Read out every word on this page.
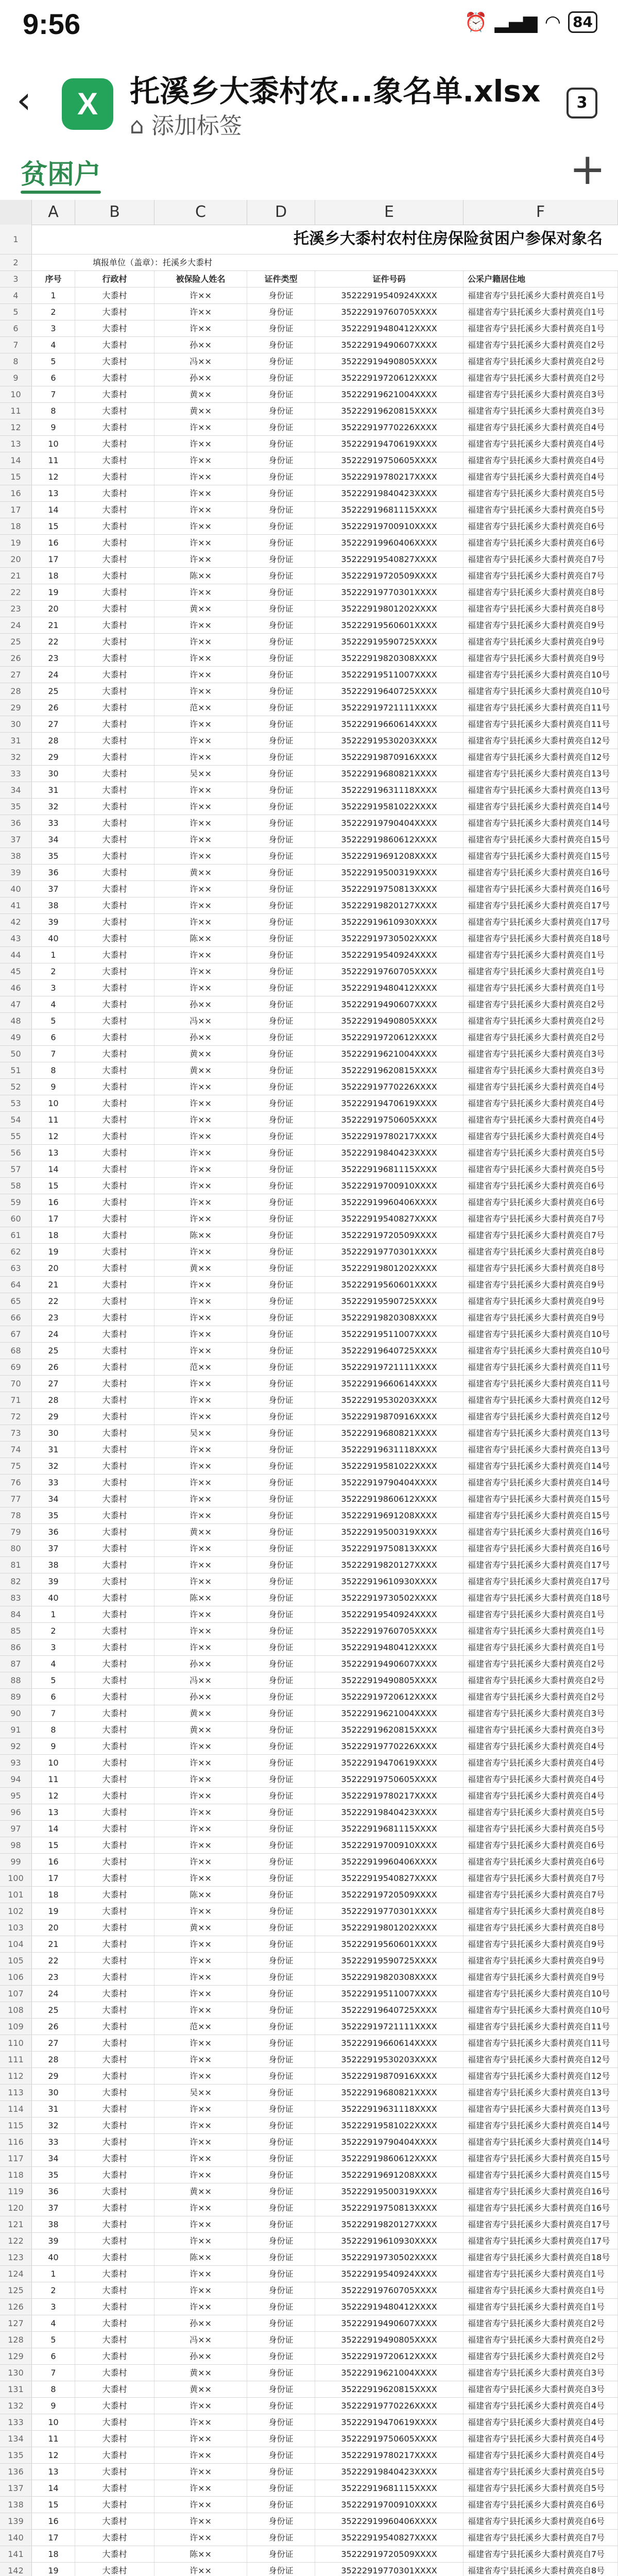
9:56	⏰ ▂▄▆ ◠ 84
‹	X	托溪乡大黍村农...象名单.xlsx
⌂ 添加标签
3
贫困户	+
A	B	C	D	E	F
1	托溪乡大黍村农村住房保险贫困户参保对象名
2	填报单位（盖章）：托溪乡大黍村
3	序号	行政村	被保险人姓名	证件类型	证件号码	公采户籍居住地
4	1	大黍村	许××	身份证	35222919540924XXXX	福建省寿宁县托溪乡大黍村黄亮自1号
5	2	大黍村	许××	身份证	35222919760705XXXX	福建省寿宁县托溪乡大黍村黄亮自1号
6	3	大黍村	许××	身份证	35222919480412XXXX	福建省寿宁县托溪乡大黍村黄亮自1号
7	4	大黍村	孙××	身份证	35222919490607XXXX	福建省寿宁县托溪乡大黍村黄亮自2号
8	5	大黍村	冯××	身份证	35222919490805XXXX	福建省寿宁县托溪乡大黍村黄亮自2号
9	6	大黍村	孙××	身份证	35222919720612XXXX	福建省寿宁县托溪乡大黍村黄亮自2号
10	7	大黍村	黄××	身份证	35222919621004XXXX	福建省寿宁县托溪乡大黍村黄亮自3号
11	8	大黍村	黄××	身份证	35222919620815XXXX	福建省寿宁县托溪乡大黍村黄亮自3号
12	9	大黍村	许××	身份证	35222919770226XXXX	福建省寿宁县托溪乡大黍村黄亮自4号
13	10	大黍村	许××	身份证	35222919470619XXXX	福建省寿宁县托溪乡大黍村黄亮自4号
14	11	大黍村	许××	身份证	35222919750605XXXX	福建省寿宁县托溪乡大黍村黄亮自4号
15	12	大黍村	许××	身份证	35222919780217XXXX	福建省寿宁县托溪乡大黍村黄亮自4号
16	13	大黍村	许××	身份证	35222919840423XXXX	福建省寿宁县托溪乡大黍村黄亮自5号
17	14	大黍村	许××	身份证	35222919681115XXXX	福建省寿宁县托溪乡大黍村黄亮自5号
18	15	大黍村	许××	身份证	35222919700910XXXX	福建省寿宁县托溪乡大黍村黄亮自6号
19	16	大黍村	许××	身份证	35222919960406XXXX	福建省寿宁县托溪乡大黍村黄亮自6号
20	17	大黍村	许××	身份证	35222919540827XXXX	福建省寿宁县托溪乡大黍村黄亮自7号
21	18	大黍村	陈××	身份证	35222919720509XXXX	福建省寿宁县托溪乡大黍村黄亮自7号
22	19	大黍村	许××	身份证	35222919770301XXXX	福建省寿宁县托溪乡大黍村黄亮自8号
23	20	大黍村	黄××	身份证	35222919801202XXXX	福建省寿宁县托溪乡大黍村黄亮自8号
24	21	大黍村	许××	身份证	35222919560601XXXX	福建省寿宁县托溪乡大黍村黄亮自9号
25	22	大黍村	许××	身份证	35222919590725XXXX	福建省寿宁县托溪乡大黍村黄亮自9号
26	23	大黍村	许××	身份证	35222919820308XXXX	福建省寿宁县托溪乡大黍村黄亮自9号
27	24	大黍村	许××	身份证	35222919511007XXXX	福建省寿宁县托溪乡大黍村黄亮自10号
28	25	大黍村	许××	身份证	35222919640725XXXX	福建省寿宁县托溪乡大黍村黄亮自10号
29	26	大黍村	范××	身份证	35222919721111XXXX	福建省寿宁县托溪乡大黍村黄亮自11号
30	27	大黍村	许××	身份证	35222919660614XXXX	福建省寿宁县托溪乡大黍村黄亮自11号
31	28	大黍村	许××	身份证	35222919530203XXXX	福建省寿宁县托溪乡大黍村黄亮自12号
32	29	大黍村	许××	身份证	35222919870916XXXX	福建省寿宁县托溪乡大黍村黄亮自12号
33	30	大黍村	吴××	身份证	35222919680821XXXX	福建省寿宁县托溪乡大黍村黄亮自13号
34	31	大黍村	许××	身份证	35222919631118XXXX	福建省寿宁县托溪乡大黍村黄亮自13号
35	32	大黍村	许××	身份证	35222919581022XXXX	福建省寿宁县托溪乡大黍村黄亮自14号
36	33	大黍村	许××	身份证	35222919790404XXXX	福建省寿宁县托溪乡大黍村黄亮自14号
37	34	大黍村	许××	身份证	35222919860612XXXX	福建省寿宁县托溪乡大黍村黄亮自15号
38	35	大黍村	许××	身份证	35222919691208XXXX	福建省寿宁县托溪乡大黍村黄亮自15号
39	36	大黍村	黄××	身份证	35222919500319XXXX	福建省寿宁县托溪乡大黍村黄亮自16号
40	37	大黍村	许××	身份证	35222919750813XXXX	福建省寿宁县托溪乡大黍村黄亮自16号
41	38	大黍村	许××	身份证	35222919820127XXXX	福建省寿宁县托溪乡大黍村黄亮自17号
42	39	大黍村	许××	身份证	35222919610930XXXX	福建省寿宁县托溪乡大黍村黄亮自17号
43	40	大黍村	陈××	身份证	35222919730502XXXX	福建省寿宁县托溪乡大黍村黄亮自18号
44	1	大黍村	许××	身份证	35222919540924XXXX	福建省寿宁县托溪乡大黍村黄亮自1号
45	2	大黍村	许××	身份证	35222919760705XXXX	福建省寿宁县托溪乡大黍村黄亮自1号
46	3	大黍村	许××	身份证	35222919480412XXXX	福建省寿宁县托溪乡大黍村黄亮自1号
47	4	大黍村	孙××	身份证	35222919490607XXXX	福建省寿宁县托溪乡大黍村黄亮自2号
48	5	大黍村	冯××	身份证	35222919490805XXXX	福建省寿宁县托溪乡大黍村黄亮自2号
49	6	大黍村	孙××	身份证	35222919720612XXXX	福建省寿宁县托溪乡大黍村黄亮自2号
50	7	大黍村	黄××	身份证	35222919621004XXXX	福建省寿宁县托溪乡大黍村黄亮自3号
51	8	大黍村	黄××	身份证	35222919620815XXXX	福建省寿宁县托溪乡大黍村黄亮自3号
52	9	大黍村	许××	身份证	35222919770226XXXX	福建省寿宁县托溪乡大黍村黄亮自4号
53	10	大黍村	许××	身份证	35222919470619XXXX	福建省寿宁县托溪乡大黍村黄亮自4号
54	11	大黍村	许××	身份证	35222919750605XXXX	福建省寿宁县托溪乡大黍村黄亮自4号
55	12	大黍村	许××	身份证	35222919780217XXXX	福建省寿宁县托溪乡大黍村黄亮自4号
56	13	大黍村	许××	身份证	35222919840423XXXX	福建省寿宁县托溪乡大黍村黄亮自5号
57	14	大黍村	许××	身份证	35222919681115XXXX	福建省寿宁县托溪乡大黍村黄亮自5号
58	15	大黍村	许××	身份证	35222919700910XXXX	福建省寿宁县托溪乡大黍村黄亮自6号
59	16	大黍村	许××	身份证	35222919960406XXXX	福建省寿宁县托溪乡大黍村黄亮自6号
60	17	大黍村	许××	身份证	35222919540827XXXX	福建省寿宁县托溪乡大黍村黄亮自7号
61	18	大黍村	陈××	身份证	35222919720509XXXX	福建省寿宁县托溪乡大黍村黄亮自7号
62	19	大黍村	许××	身份证	35222919770301XXXX	福建省寿宁县托溪乡大黍村黄亮自8号
63	20	大黍村	黄××	身份证	35222919801202XXXX	福建省寿宁县托溪乡大黍村黄亮自8号
64	21	大黍村	许××	身份证	35222919560601XXXX	福建省寿宁县托溪乡大黍村黄亮自9号
65	22	大黍村	许××	身份证	35222919590725XXXX	福建省寿宁县托溪乡大黍村黄亮自9号
66	23	大黍村	许××	身份证	35222919820308XXXX	福建省寿宁县托溪乡大黍村黄亮自9号
67	24	大黍村	许××	身份证	35222919511007XXXX	福建省寿宁县托溪乡大黍村黄亮自10号
68	25	大黍村	许××	身份证	35222919640725XXXX	福建省寿宁县托溪乡大黍村黄亮自10号
69	26	大黍村	范××	身份证	35222919721111XXXX	福建省寿宁县托溪乡大黍村黄亮自11号
70	27	大黍村	许××	身份证	35222919660614XXXX	福建省寿宁县托溪乡大黍村黄亮自11号
71	28	大黍村	许××	身份证	35222919530203XXXX	福建省寿宁县托溪乡大黍村黄亮自12号
72	29	大黍村	许××	身份证	35222919870916XXXX	福建省寿宁县托溪乡大黍村黄亮自12号
73	30	大黍村	吴××	身份证	35222919680821XXXX	福建省寿宁县托溪乡大黍村黄亮自13号
74	31	大黍村	许××	身份证	35222919631118XXXX	福建省寿宁县托溪乡大黍村黄亮自13号
75	32	大黍村	许××	身份证	35222919581022XXXX	福建省寿宁县托溪乡大黍村黄亮自14号
76	33	大黍村	许××	身份证	35222919790404XXXX	福建省寿宁县托溪乡大黍村黄亮自14号
77	34	大黍村	许××	身份证	35222919860612XXXX	福建省寿宁县托溪乡大黍村黄亮自15号
78	35	大黍村	许××	身份证	35222919691208XXXX	福建省寿宁县托溪乡大黍村黄亮自15号
79	36	大黍村	黄××	身份证	35222919500319XXXX	福建省寿宁县托溪乡大黍村黄亮自16号
80	37	大黍村	许××	身份证	35222919750813XXXX	福建省寿宁县托溪乡大黍村黄亮自16号
81	38	大黍村	许××	身份证	35222919820127XXXX	福建省寿宁县托溪乡大黍村黄亮自17号
82	39	大黍村	许××	身份证	35222919610930XXXX	福建省寿宁县托溪乡大黍村黄亮自17号
83	40	大黍村	陈××	身份证	35222919730502XXXX	福建省寿宁县托溪乡大黍村黄亮自18号
84	1	大黍村	许××	身份证	35222919540924XXXX	福建省寿宁县托溪乡大黍村黄亮自1号
85	2	大黍村	许××	身份证	35222919760705XXXX	福建省寿宁县托溪乡大黍村黄亮自1号
86	3	大黍村	许××	身份证	35222919480412XXXX	福建省寿宁县托溪乡大黍村黄亮自1号
87	4	大黍村	孙××	身份证	35222919490607XXXX	福建省寿宁县托溪乡大黍村黄亮自2号
88	5	大黍村	冯××	身份证	35222919490805XXXX	福建省寿宁县托溪乡大黍村黄亮自2号
89	6	大黍村	孙××	身份证	35222919720612XXXX	福建省寿宁县托溪乡大黍村黄亮自2号
90	7	大黍村	黄××	身份证	35222919621004XXXX	福建省寿宁县托溪乡大黍村黄亮自3号
91	8	大黍村	黄××	身份证	35222919620815XXXX	福建省寿宁县托溪乡大黍村黄亮自3号
92	9	大黍村	许××	身份证	35222919770226XXXX	福建省寿宁县托溪乡大黍村黄亮自4号
93	10	大黍村	许××	身份证	35222919470619XXXX	福建省寿宁县托溪乡大黍村黄亮自4号
94	11	大黍村	许××	身份证	35222919750605XXXX	福建省寿宁县托溪乡大黍村黄亮自4号
95	12	大黍村	许××	身份证	35222919780217XXXX	福建省寿宁县托溪乡大黍村黄亮自4号
96	13	大黍村	许××	身份证	35222919840423XXXX	福建省寿宁县托溪乡大黍村黄亮自5号
97	14	大黍村	许××	身份证	35222919681115XXXX	福建省寿宁县托溪乡大黍村黄亮自5号
98	15	大黍村	许××	身份证	35222919700910XXXX	福建省寿宁县托溪乡大黍村黄亮自6号
99	16	大黍村	许××	身份证	35222919960406XXXX	福建省寿宁县托溪乡大黍村黄亮自6号
100	17	大黍村	许××	身份证	35222919540827XXXX	福建省寿宁县托溪乡大黍村黄亮自7号
101	18	大黍村	陈××	身份证	35222919720509XXXX	福建省寿宁县托溪乡大黍村黄亮自7号
102	19	大黍村	许××	身份证	35222919770301XXXX	福建省寿宁县托溪乡大黍村黄亮自8号
103	20	大黍村	黄××	身份证	35222919801202XXXX	福建省寿宁县托溪乡大黍村黄亮自8号
104	21	大黍村	许××	身份证	35222919560601XXXX	福建省寿宁县托溪乡大黍村黄亮自9号
105	22	大黍村	许××	身份证	35222919590725XXXX	福建省寿宁县托溪乡大黍村黄亮自9号
106	23	大黍村	许××	身份证	35222919820308XXXX	福建省寿宁县托溪乡大黍村黄亮自9号
107	24	大黍村	许××	身份证	35222919511007XXXX	福建省寿宁县托溪乡大黍村黄亮自10号
108	25	大黍村	许××	身份证	35222919640725XXXX	福建省寿宁县托溪乡大黍村黄亮自10号
109	26	大黍村	范××	身份证	35222919721111XXXX	福建省寿宁县托溪乡大黍村黄亮自11号
110	27	大黍村	许××	身份证	35222919660614XXXX	福建省寿宁县托溪乡大黍村黄亮自11号
111	28	大黍村	许××	身份证	35222919530203XXXX	福建省寿宁县托溪乡大黍村黄亮自12号
112	29	大黍村	许××	身份证	35222919870916XXXX	福建省寿宁县托溪乡大黍村黄亮自12号
113	30	大黍村	吴××	身份证	35222919680821XXXX	福建省寿宁县托溪乡大黍村黄亮自13号
114	31	大黍村	许××	身份证	35222919631118XXXX	福建省寿宁县托溪乡大黍村黄亮自13号
115	32	大黍村	许××	身份证	35222919581022XXXX	福建省寿宁县托溪乡大黍村黄亮自14号
116	33	大黍村	许××	身份证	35222919790404XXXX	福建省寿宁县托溪乡大黍村黄亮自14号
117	34	大黍村	许××	身份证	35222919860612XXXX	福建省寿宁县托溪乡大黍村黄亮自15号
118	35	大黍村	许××	身份证	35222919691208XXXX	福建省寿宁县托溪乡大黍村黄亮自15号
119	36	大黍村	黄××	身份证	35222919500319XXXX	福建省寿宁县托溪乡大黍村黄亮自16号
120	37	大黍村	许××	身份证	35222919750813XXXX	福建省寿宁县托溪乡大黍村黄亮自16号
121	38	大黍村	许××	身份证	35222919820127XXXX	福建省寿宁县托溪乡大黍村黄亮自17号
122	39	大黍村	许××	身份证	35222919610930XXXX	福建省寿宁县托溪乡大黍村黄亮自17号
123	40	大黍村	陈××	身份证	35222919730502XXXX	福建省寿宁县托溪乡大黍村黄亮自18号
124	1	大黍村	许××	身份证	35222919540924XXXX	福建省寿宁县托溪乡大黍村黄亮自1号
125	2	大黍村	许××	身份证	35222919760705XXXX	福建省寿宁县托溪乡大黍村黄亮自1号
126	3	大黍村	许××	身份证	35222919480412XXXX	福建省寿宁县托溪乡大黍村黄亮自1号
127	4	大黍村	孙××	身份证	35222919490607XXXX	福建省寿宁县托溪乡大黍村黄亮自2号
128	5	大黍村	冯××	身份证	35222919490805XXXX	福建省寿宁县托溪乡大黍村黄亮自2号
129	6	大黍村	孙××	身份证	35222919720612XXXX	福建省寿宁县托溪乡大黍村黄亮自2号
130	7	大黍村	黄××	身份证	35222919621004XXXX	福建省寿宁县托溪乡大黍村黄亮自3号
131	8	大黍村	黄××	身份证	35222919620815XXXX	福建省寿宁县托溪乡大黍村黄亮自3号
132	9	大黍村	许××	身份证	35222919770226XXXX	福建省寿宁县托溪乡大黍村黄亮自4号
133	10	大黍村	许××	身份证	35222919470619XXXX	福建省寿宁县托溪乡大黍村黄亮自4号
134	11	大黍村	许××	身份证	35222919750605XXXX	福建省寿宁县托溪乡大黍村黄亮自4号
135	12	大黍村	许××	身份证	35222919780217XXXX	福建省寿宁县托溪乡大黍村黄亮自4号
136	13	大黍村	许××	身份证	35222919840423XXXX	福建省寿宁县托溪乡大黍村黄亮自5号
137	14	大黍村	许××	身份证	35222919681115XXXX	福建省寿宁县托溪乡大黍村黄亮自5号
138	15	大黍村	许××	身份证	35222919700910XXXX	福建省寿宁县托溪乡大黍村黄亮自6号
139	16	大黍村	许××	身份证	35222919960406XXXX	福建省寿宁县托溪乡大黍村黄亮自6号
140	17	大黍村	许××	身份证	35222919540827XXXX	福建省寿宁县托溪乡大黍村黄亮自7号
141	18	大黍村	陈××	身份证	35222919720509XXXX	福建省寿宁县托溪乡大黍村黄亮自7号
142	19	大黍村	许××	身份证	35222919770301XXXX	福建省寿宁县托溪乡大黍村黄亮自8号
